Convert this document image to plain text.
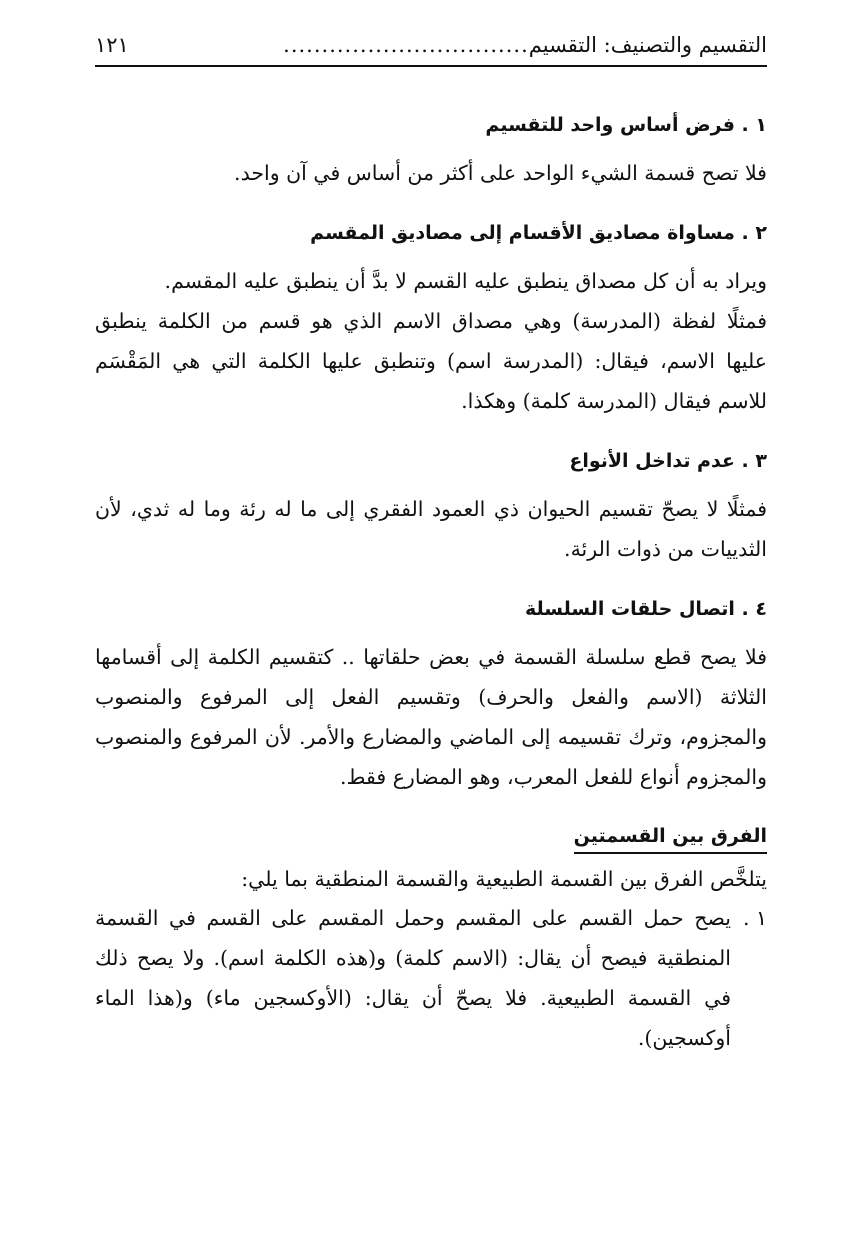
التقسيم والتصنيف: التقسيم
................................
١٢١
١ . فرض أساس واحد للتقسيم

فلا تصح قسمة الشيء الواحد على أكثر من أساس في آن واحد.

٢ . مساواة مصاديق الأقسام إلى مصاديق المقسم

ويراد به أن كل مصداق ينطبق عليه القسم لا بدَّ أن ينطبق عليه المقسم.

فمثلًا لفظة (المدرسة) وهي مصداق الاسم الذي هو قسم من الكلمة ينطبق عليها الاسم، فيقال: (المدرسة اسم) وتنطبق عليها الكلمة التي هي المَقْسَم للاسم فيقال (المدرسة كلمة) وهكذا.

٣ . عدم تداخل الأنواع

فمثلًا لا يصحّ تقسيم الحيوان ذي العمود الفقري إلى ما له رئة وما له ثدي، لأن الثدييات من ذوات الرئة.

٤ . اتصال حلقات السلسلة

فلا يصح قطع سلسلة القسمة في بعض حلقاتها .. كتقسيم الكلمة إلى أقسامها الثلاثة (الاسم والفعل والحرف) وتقسيم الفعل إلى المرفوع والمنصوب والمجزوم، وترك تقسيمه إلى الماضي والمضارع والأمر. لأن المرفوع والمنصوب والمجزوم أنواع للفعل المعرب، وهو المضارع فقط.

الفرق بين القسمتين

يتلخَّص الفرق بين القسمة الطبيعية والقسمة المنطقية بما يلي:

١ .
يصح حمل القسم على المقسم وحمل المقسم على القسم في القسمة المنطقية فيصح أن يقال: (الاسم كلمة) و(هذه الكلمة اسم). ولا يصح ذلك في القسمة الطبيعية. فلا يصحّ أن يقال: (الأوكسجين ماء) و(هذا الماء أوكسجين).
